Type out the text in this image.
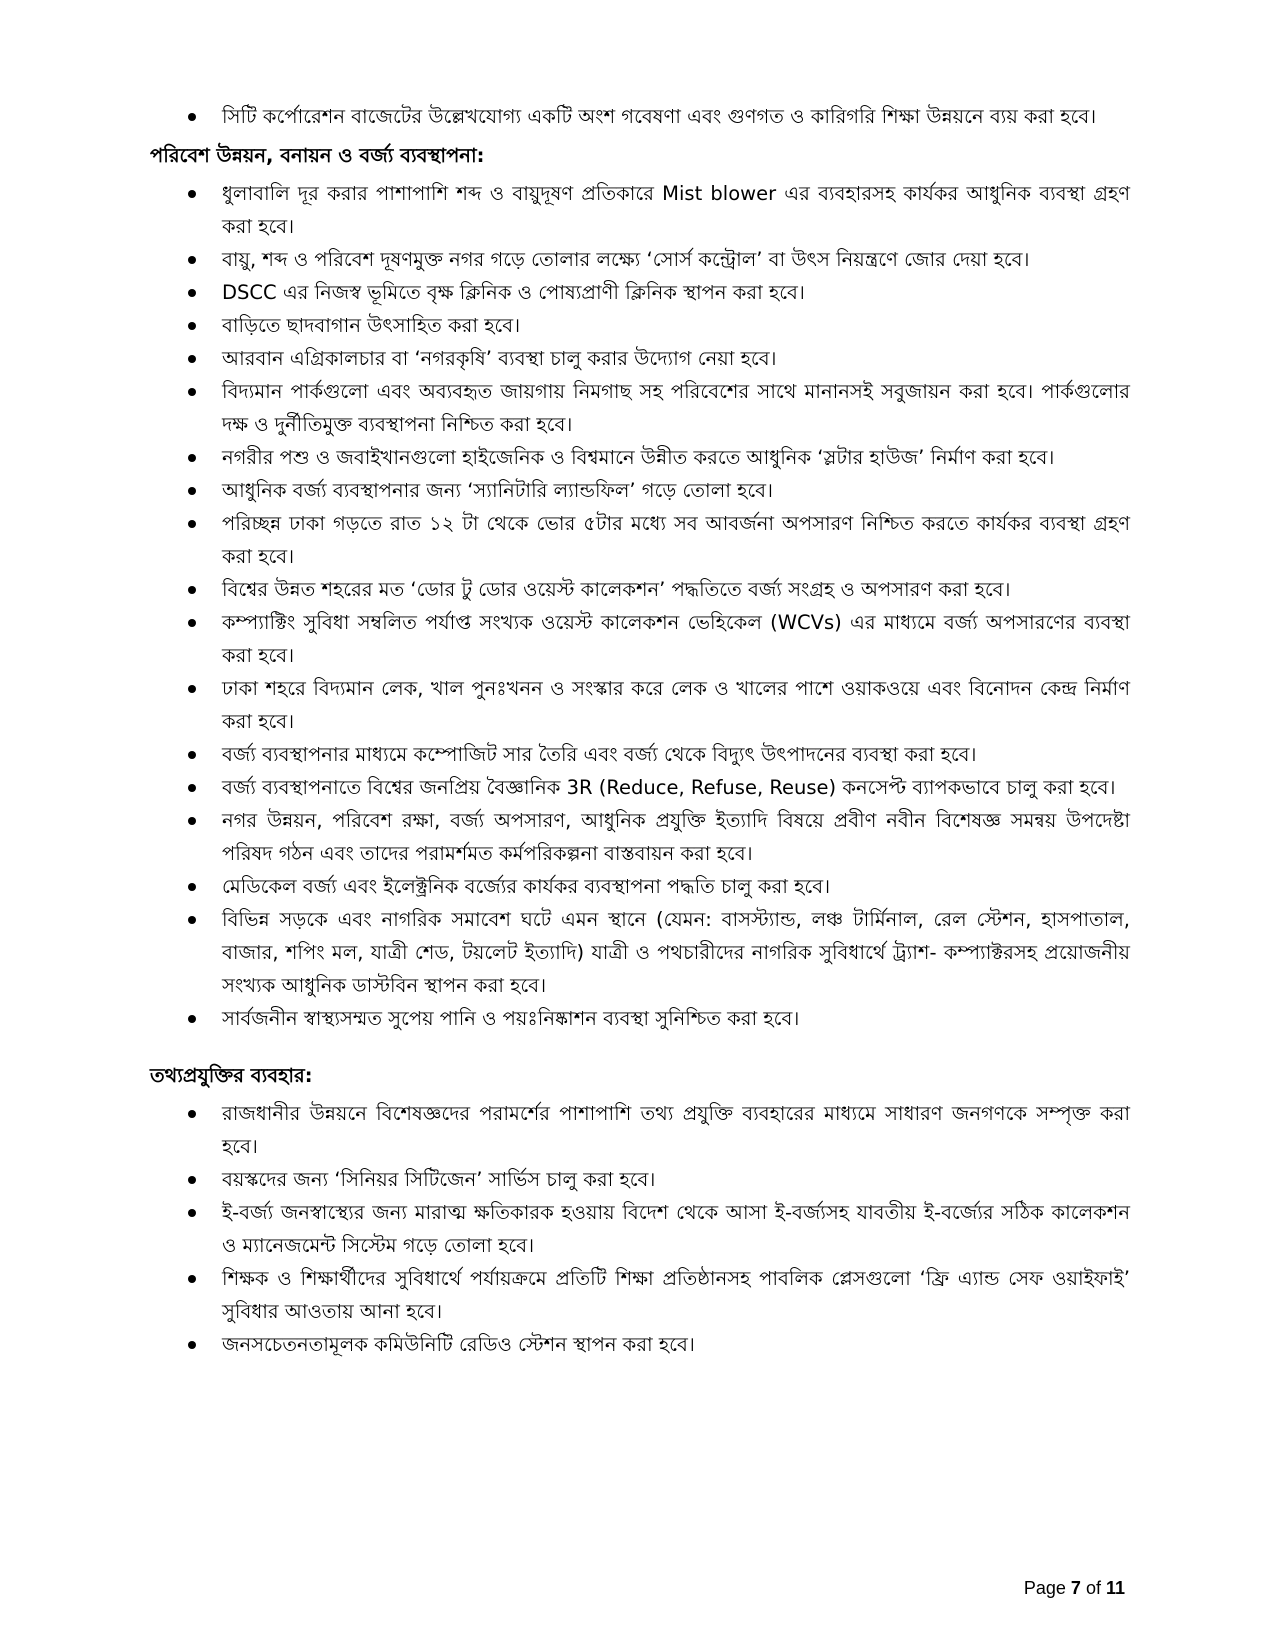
সিটি কর্পোরেশন বাজেটের উল্লেখযোগ্য একটি অংশ গবেষণা এবং গুণগত ও কারিগরি শিক্ষা উন্নয়নে ব্যয় করা হবে।
পরিবেশ উন্নয়ন, বনায়ন ও বর্জ্য ব্যবস্থাপনা:
ধুলাবালি দূর করার পাশাপাশি শব্দ ও বায়ুদূষণ প্রতিকারে Mist blower এর ব্যবহারসহ কার্যকর আধুনিক ব্যবস্থা গ্রহণ করা হবে।
বায়ু, শব্দ ও পরিবেশ দূষণমুক্ত নগর গড়ে তোলার লক্ষ্যে ‘সোর্স কন্ট্রোল’ বা উৎস নিয়ন্ত্রণে জোর দেয়া হবে।
DSCC এর নিজস্ব ভূমিতে বৃক্ষ ক্লিনিক ও পোষ্যপ্রাণী ক্লিনিক স্থাপন করা হবে।
বাড়িতে ছাদবাগান উৎসাহিত করা হবে।
আরবান এগ্রিকালচার বা ‘নগরকৃষি’ ব্যবস্থা চালু করার উদ্যোগ নেয়া হবে।
বিদ্যমান পার্কগুলো এবং অব্যবহৃত জায়গায় নিমগাছ সহ পরিবেশের সাথে মানানসই সবুজায়ন করা হবে। পার্কগুলোর দক্ষ ও দুর্নীতিমুক্ত ব্যবস্থাপনা নিশ্চিত করা হবে।
নগরীর পশু ও জবাইখানগুলো হাইজেনিক ও বিশ্বমানে উন্নীত করতে আধুনিক ‘স্লটার হাউজ’ নির্মাণ করা হবে।
আধুনিক বর্জ্য ব্যবস্থাপনার জন্য ‘স্যানিটারি ল্যান্ডফিল’ গড়ে তোলা হবে।
পরিচ্ছন্ন ঢাকা গড়তে রাত ১২ টা থেকে ভোর ৫টার মধ্যে সব আবর্জনা অপসারণ নিশ্চিত করতে কার্যকর ব্যবস্থা গ্রহণ করা হবে।
বিশ্বের উন্নত শহরের মত ‘ডোর টু ডোর ওয়েস্ট কালেকশন’ পদ্ধতিতে বর্জ্য সংগ্রহ ও অপসারণ করা হবে।
কম্প্যাক্টিং সুবিধা সম্বলিত পর্যাপ্ত সংখ্যক ওয়েস্ট কালেকশন ভেহিকেল (WCVs) এর মাধ্যমে বর্জ্য অপসারণের ব্যবস্থা করা হবে।
ঢাকা শহরে বিদ্যমান লেক, খাল পুনঃখনন ও সংস্কার করে লেক ও খালের পাশে ওয়াকওয়ে এবং বিনোদন কেন্দ্র নির্মাণ করা হবে।
বর্জ্য ব্যবস্থাপনার মাধ্যমে কম্পোজিট সার তৈরি এবং বর্জ্য থেকে বিদ্যুৎ উৎপাদনের ব্যবস্থা করা হবে।
বর্জ্য ব্যবস্থাপনাতে বিশ্বের জনপ্রিয় বৈজ্ঞানিক 3R (Reduce, Refuse, Reuse) কনসেপ্ট ব্যাপকভাবে চালু করা হবে।
নগর উন্নয়ন, পরিবেশ রক্ষা, বর্জ্য অপসারণ, আধুনিক প্রযুক্তি ইত্যাদি বিষয়ে প্রবীণ নবীন বিশেষজ্ঞ সমন্বয় উপদেষ্টা পরিষদ গঠন এবং তাদের পরামর্শমত কর্মপরিকল্পনা বাস্তবায়ন করা হবে।
মেডিকেল বর্জ্য এবং ইলেক্ট্রনিক বর্জ্যের কার্যকর ব্যবস্থাপনা পদ্ধতি চালু করা হবে।
বিভিন্ন সড়কে এবং নাগরিক সমাবেশ ঘটে এমন স্থানে (যেমন: বাসস্ট্যান্ড, লঞ্চ টার্মিনাল, রেল স্টেশন, হাসপাতাল, বাজার, শপিং মল, যাত্রী শেড, টয়লেট ইত্যাদি) যাত্রী ও পথচারীদের নাগরিক সুবিধার্থে ট্র্যাশ- কম্প্যাক্টরসহ প্রয়োজনীয় সংখ্যক আধুনিক ডাস্টবিন স্থাপন করা হবে।
সার্বজনীন স্বাস্থ্যসম্মত সুপেয় পানি ও পয়ঃনিষ্কাশন ব্যবস্থা সুনিশ্চিত করা হবে।
তথ্যপ্রযুক্তির ব্যবহার:
রাজধানীর উন্নয়নে বিশেষজ্ঞদের পরামর্শের পাশাপাশি তথ্য প্রযুক্তি ব্যবহারের মাধ্যমে সাধারণ জনগণকে সম্পৃক্ত করা হবে।
বয়স্কদের জন্য ‘সিনিয়র সিটিজেন’ সার্ভিস চালু করা হবে।
ই-বর্জ্য জনস্বাস্থ্যের জন্য মারাত্ম ক্ষতিকারক হওয়ায় বিদেশ থেকে আসা ই-বর্জ্যসহ যাবতীয় ই-বর্জ্যের সঠিক কালেকশন ও ম্যানেজমেন্ট সিস্টেম গড়ে তোলা হবে।
শিক্ষক ও শিক্ষার্থীদের সুবিধার্থে পর্যায়ক্রমে প্রতিটি শিক্ষা প্রতিষ্ঠানসহ পাবলিক প্লেসগুলো ‘ফ্রি এ্যান্ড সেফ ওয়াইফাই’ সুবিধার আওতায় আনা হবে।
জনসচেতনতামূলক কমিউনিটি রেডিও স্টেশন স্থাপন করা হবে।
Page 7 of 11
